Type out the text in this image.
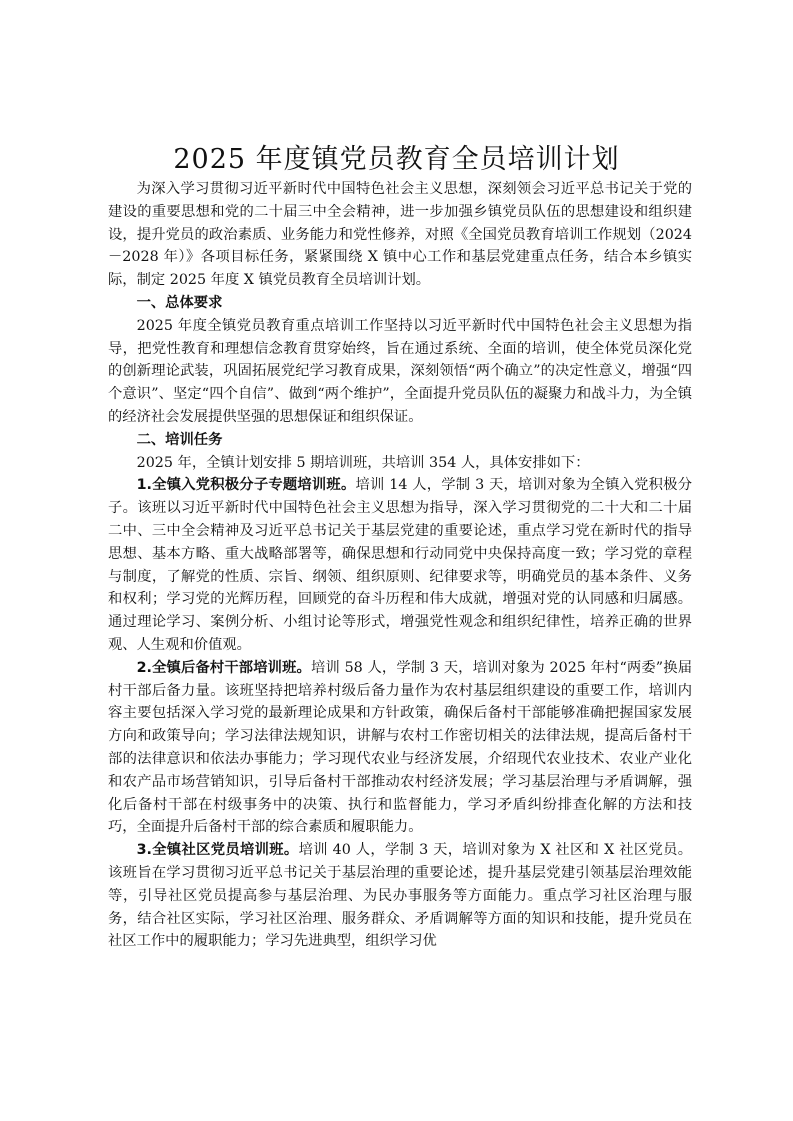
2025 年度镇党员教育全员培训计划

为深入学习贯彻习近平新时代中国特色社会主义思想，深刻领会习近平总书记关于党的建设的重要思想和党的二十届三中全会精神，进一步加强乡镇党员队伍的思想建设和组织建设，提升党员的政治素质、业务能力和党性修养，对照《全国党员教育培训工作规划（2024－2028 年）》各项目标任务，紧紧围绕 X 镇中心工作和基层党建重点任务，结合本乡镇实际，制定 2025 年度 X 镇党员教育全员培训计划。

一、总体要求

2025 年度全镇党员教育重点培训工作坚持以习近平新时代中国特色社会主义思想为指导，把党性教育和理想信念教育贯穿始终，旨在通过系统、全面的培训，使全体党员深化党的创新理论武装，巩固拓展党纪学习教育成果，深刻领悟“两个确立”的决定性意义，增强“四个意识”、坚定“四个自信”、做到“两个维护”，全面提升党员队伍的凝聚力和战斗力，为全镇的经济社会发展提供坚强的思想保证和组织保证。

二、培训任务

2025 年，全镇计划安排 5 期培训班，共培训 354 人，具体安排如下：

1.全镇入党积极分子专题培训班。培训 14 人，学制 3 天，培训对象为全镇入党积极分子。该班以习近平新时代中国特色社会主义思想为指导，深入学习贯彻党的二十大和二十届二中、三中全会精神及习近平总书记关于基层党建的重要论述，重点学习党在新时代的指导思想、基本方略、重大战略部署等，确保思想和行动同党中央保持高度一致；学习党的章程与制度，了解党的性质、宗旨、纲领、组织原则、纪律要求等，明确党员的基本条件、义务和权利；学习党的光辉历程，回顾党的奋斗历程和伟大成就，增强对党的认同感和归属感。通过理论学习、案例分析、小组讨论等形式，增强党性观念和组织纪律性，培养正确的世界观、人生观和价值观。

2.全镇后备村干部培训班。培训 58 人，学制 3 天，培训对象为 2025 年村“两委”换届村干部后备力量。该班坚持把培养村级后备力量作为农村基层组织建设的重要工作，培训内容主要包括深入学习党的最新理论成果和方针政策，确保后备村干部能够准确把握国家发展方向和政策导向；学习法律法规知识，讲解与农村工作密切相关的法律法规，提高后备村干部的法律意识和依法办事能力；学习现代农业与经济发展，介绍现代农业技术、农业产业化和农产品市场营销知识，引导后备村干部推动农村经济发展；学习基层治理与矛盾调解，强化后备村干部在村级事务中的决策、执行和监督能力，学习矛盾纠纷排查化解的方法和技巧，全面提升后备村干部的综合素质和履职能力。

3.全镇社区党员培训班。培训 40 人，学制 3 天，培训对象为 X 社区和 X 社区党员。该班旨在学习贯彻习近平总书记关于基层治理的重要论述，提升基层党建引领基层治理效能等，引导社区党员提高参与基层治理、为民办事服务等方面能力。重点学习社区治理与服务，结合社区实际，学习社区治理、服务群众、矛盾调解等方面的知识和技能，提升党员在社区工作中的履职能力；学习先进典型，组织学习优
